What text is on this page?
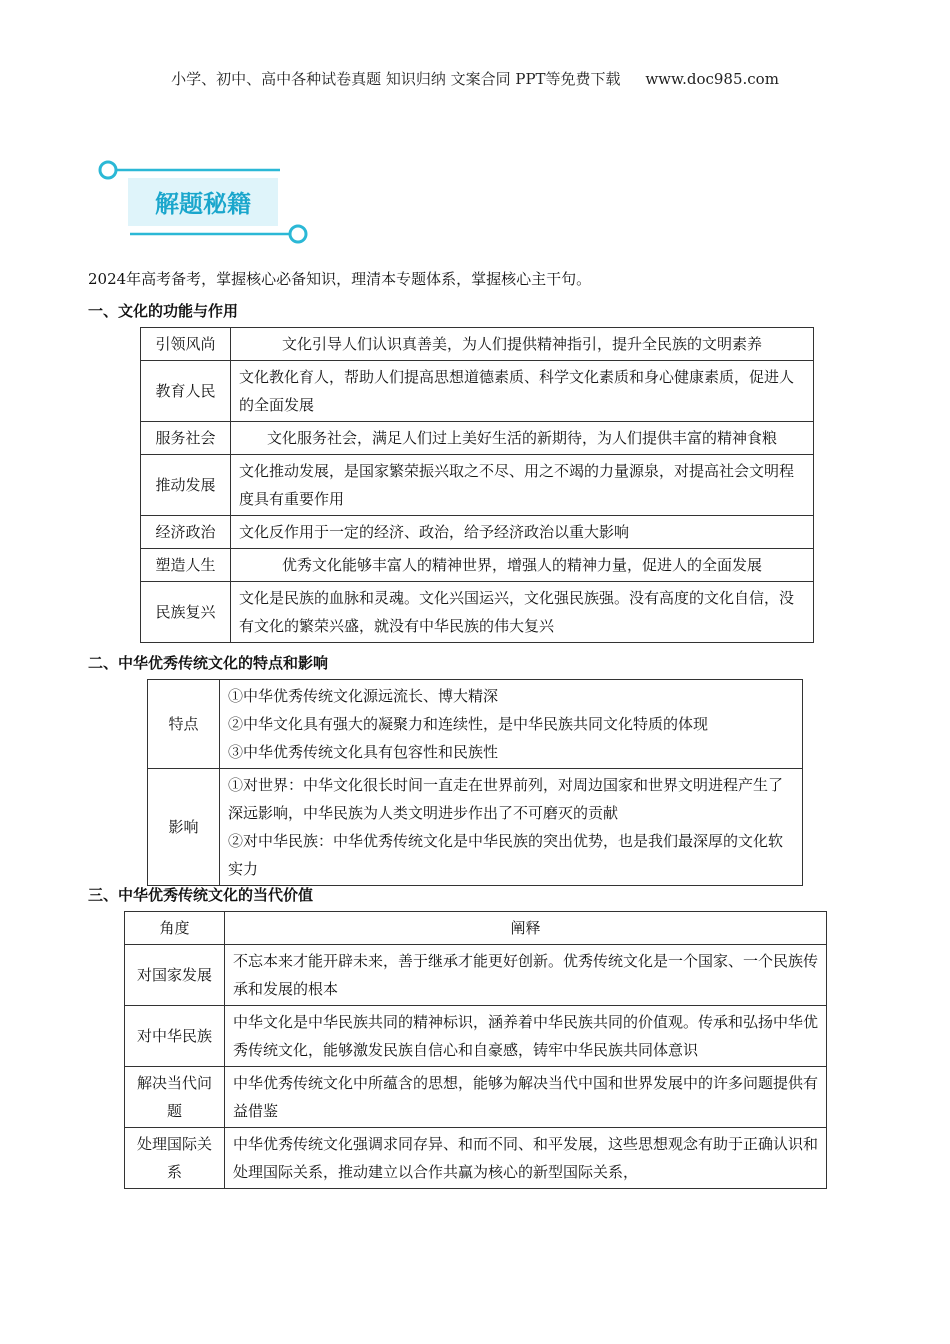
小学、初中、高中各种试卷真题 知识归纳 文案合同 PPT等免费下载 www.doc985.com
解题秘籍
2024年高考备考，掌握核心必备知识，理清本专题体系，掌握核心主干句。
一、文化的功能与作用
引领风尚	文化引导人们认识真善美，为人们提供精神指引，提升全民族的文明素养
教育人民	文化教化育人，帮助人们提高思想道德素质、科学文化素质和身心健康素质，促进人的全面发展
服务社会	文化服务社会，满足人们过上美好生活的新期待，为人们提供丰富的精神食粮
推动发展	文化推动发展，是国家繁荣振兴取之不尽、用之不竭的力量源泉，对提高社会文明程度具有重要作用
经济政治	文化反作用于一定的经济、政治，给予经济政治以重大影响
塑造人生	优秀文化能够丰富人的精神世界，增强人的精神力量，促进人的全面发展
民族复兴	文化是民族的血脉和灵魂。文化兴国运兴，文化强民族强。没有高度的文化自信，没有文化的繁荣兴盛，就没有中华民族的伟大复兴
二、中华优秀传统文化的特点和影响
特点	①中华优秀传统文化源远流长、博大精深
②中华文化具有强大的凝聚力和连续性，是中华民族共同文化特质的体现
③中华优秀传统文化具有包容性和民族性

影响	①对世界：中华文化很长时间一直走在世界前列，对周边国家和世界文明进程产生了深远影响，中华民族为人类文明进步作出了不可磨灭的贡献
②对中华民族：中华优秀传统文化是中华民族的突出优势，也是我们最深厚的文化软实力
三、中华优秀传统文化的当代价值
角度	阐释
对国家发展	不忘本来才能开辟未来，善于继承才能更好创新。优秀传统文化是一个国家、一个民族传承和发展的根本
对中华民族	中华文化是中华民族共同的精神标识，涵养着中华民族共同的价值观。传承和弘扬中华优秀传统文化，能够激发民族自信心和自豪感，铸牢中华民族共同体意识
解决当代问题	中华优秀传统文化中所蕴含的思想，能够为解决当代中国和世界发展中的许多问题提供有益借鉴
处理国际关系	中华优秀传统文化强调求同存异、和而不同、和平发展，这些思想观念有助于正确认识和处理国际关系，推动建立以合作共赢为核心的新型国际关系，
